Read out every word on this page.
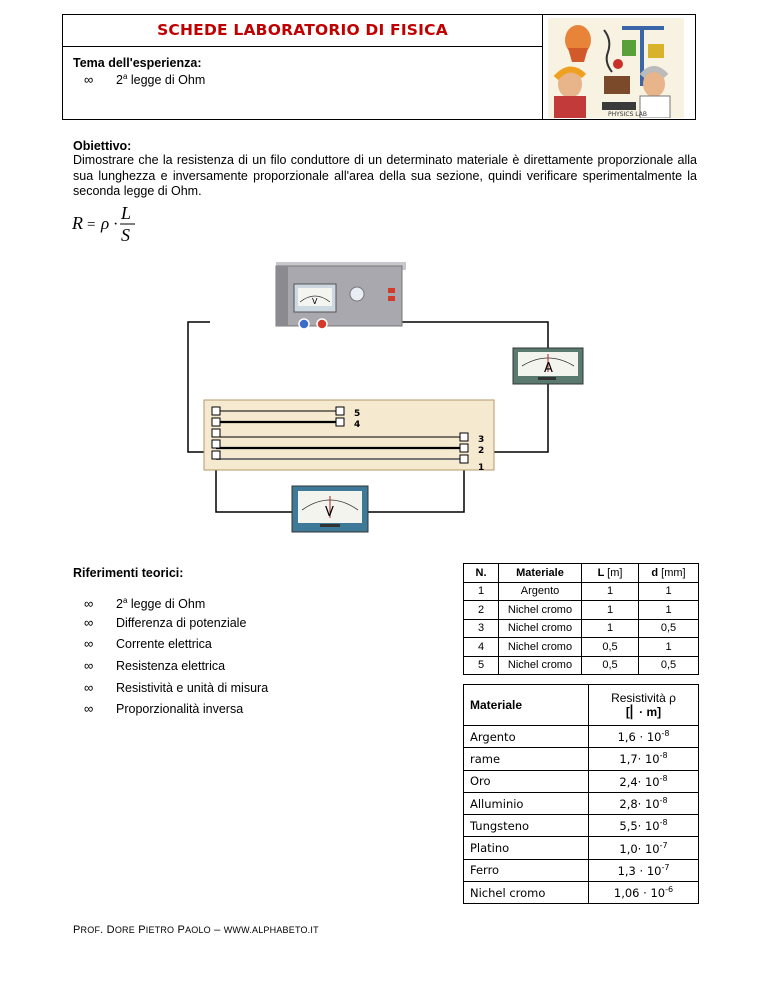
SCHEDE LABORATORIO DI FISICA
Tema dell'esperienza:
∞ 2$^a$ legge di Ohm
PHYSICS LAB
Obiettivo:
Dimostrare che la resistenza di un filo conduttore di un determinato materiale è direttamente proporzionale alla sua lunghezza e inversamente proporzionale all'area della sua sezione, quindi verificare sperimentalmente la seconda legge di Ohm.
R = ρ ·
L
S
V
A
5
4
3
2
1
V
Riferimenti teorici:
∞ 2$^a$ legge di Ohm
∞ Differenza di potenziale
∞ Corrente elettrica
∞ Resistenza elettrica
∞ Resistività e unità di misura
∞ Proporzionalità inversa
N.	Materiale	L [m]	d [mm]
1	Argento	1	1
2	Nichel cromo	1	1
3	Nichel cromo	1	0,5
4	Nichel cromo	0,5	1
5	Nichel cromo	0,5	0,5
Materiale	Resistività ρ
[⎜ · m]

Argento	$1,6 \cdot 10^{-8}$
rame	$1,7\cdot 10^{-8}$
Oro	$2,4\cdot 10^{-8}$
Alluminio	$2,8\cdot 10^{-8}$
Tungsteno	$5,5\cdot 10^{-8}$
Platino	$1,0\cdot 10^{-7}$
Ferro	$1,3 \cdot 10^{-7}$
Nichel cromo	$1,06 \cdot 10^{-6}$
PROF. DORE PIETRO PAOLO – WWW.ALPHABETO.IT
